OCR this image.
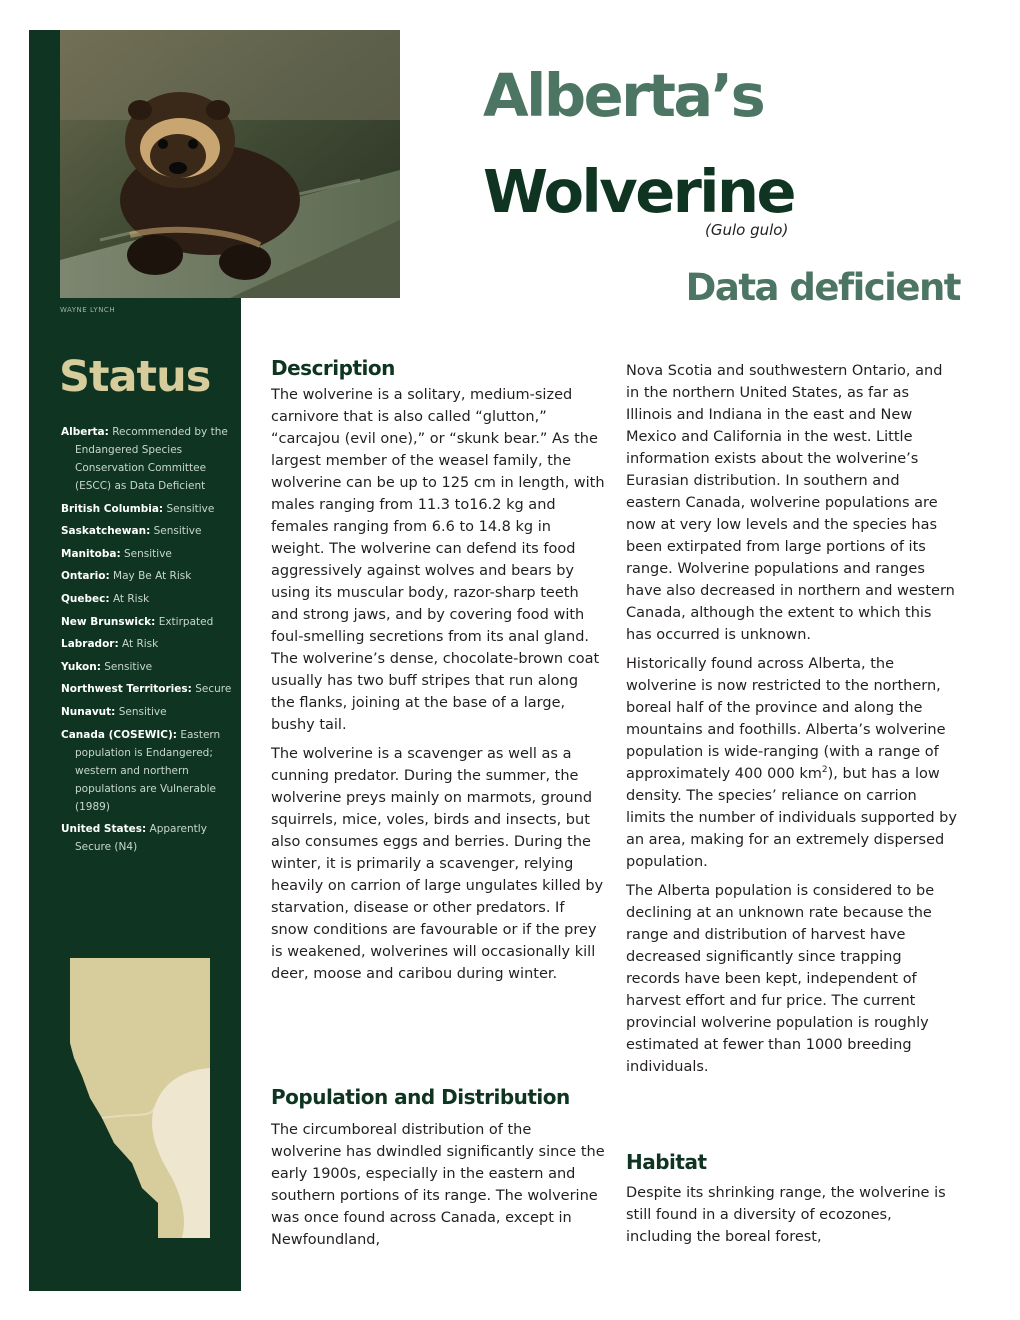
WAYNE LYNCH
Alberta’s
Wolverine
(Gulo gulo)
Data deficient
Status
Alberta: Recommended by the Endangered Species Conservation Committee (ESCC) as Data Deficient
British Columbia: Sensitive
Saskatchewan: Sensitive
Manitoba: Sensitive
Ontario: May Be At Risk
Quebec: At Risk
New Brunswick: Extirpated
Labrador: At Risk
Yukon: Sensitive
Northwest Territories: Secure
Nunavut: Sensitive
Canada (COSEWIC): Eastern population is Endangered; western and northern populations are Vulnerable (1989)
United States: Apparently Secure (N4)
Description

The wolverine is a solitary, medium-sized carnivore that is also called “glutton,” “carcajou (evil one),” or “skunk bear.” As the largest member of the weasel family, the wolverine can be up to 125 cm in length, with males ranging from 11.3 to16.2 kg and females ranging from 6.6 to 14.8 kg in weight. The wolverine can defend its food aggressively against wolves and bears by using its muscular body, razor-sharp teeth and strong jaws, and by covering food with foul-smelling secretions from its anal gland. The wolverine’s dense, chocolate-brown coat usually has two buff stripes that run along the flanks, joining at the base of a large, bushy tail.

The wolverine is a scavenger as well as a cunning predator. During the summer, the wolverine preys mainly on marmots, ground squirrels, mice, voles, birds and insects, but also consumes eggs and berries. During the winter, it is primarily a scavenger, relying heavily on carrion of large ungulates killed by starvation, disease or other predators. If snow conditions are favourable or if the prey is weakened, wolverines will occasionally kill deer, moose and caribou during winter.

Population and Distribution

The circumboreal distribution of the wolverine has dwindled significantly since the early 1900s, especially in the eastern and southern portions of its range. The wolverine was once found across Canada, except in Newfoundland,

Nova Scotia and southwestern Ontario, and in the northern United States, as far as Illinois and Indiana in the east and New Mexico and California in the west. Little information exists about the wolverine’s Eurasian distribution. In southern and eastern Canada, wolverine populations are now at very low levels and the species has been extirpated from large portions of its range. Wolverine populations and ranges have also decreased in northern and western Canada, although the extent to which this has occurred is unknown.

Historically found across Alberta, the wolverine is now restricted to the northern, boreal half of the province and along the mountains and foothills. Alberta’s wolverine population is wide-ranging (with a range of approximately 400 000 $km^2$), but has a low density. The species’ reliance on carrion limits the number of individuals supported by an area, making for an extremely dispersed population.

The Alberta population is considered to be declining at an unknown rate because the range and distribution of harvest have decreased significantly since trapping records have been kept, independent of harvest effort and fur price. The current provincial wolverine population is roughly estimated at fewer than 1000 breeding individuals.

Habitat

Despite its shrinking range, the wolverine is still found in a diversity of ecozones, including the boreal forest,
